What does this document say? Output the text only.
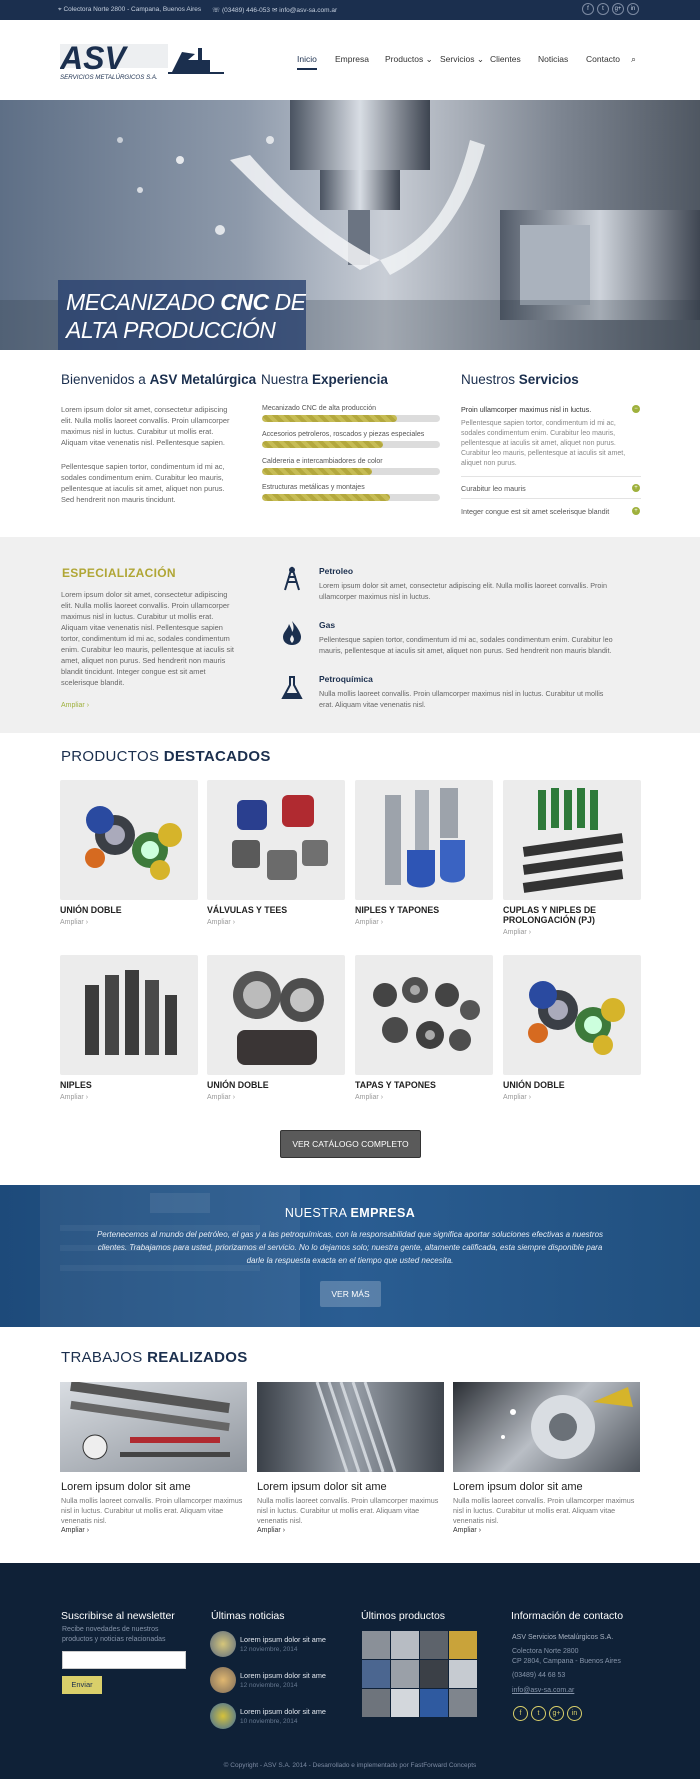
⌖ Colectora Norte 2800 - Campana, Buenos Aires ☏ (03489) 446-053 ✉ info@asv-sa.com.ar	f	t	g+	in
ASV
SERVICIOS METALÚRGICOS S.A.
Inicio Empresa Productos ⌄ Servicios ⌄ Clientes Noticias Contacto ⌕
MECANIZADO CNC DE
ALTA PRODUCCIÓN
Bienvenidos a ASV Metalúrgica

Lorem ipsum dolor sit amet, consectetur adipiscing elit. Nulla mollis laoreet convallis. Proin ullamcorper maximus nisl in luctus. Curabitur ut mollis erat. Aliquam vitae venenatis nisl. Pellentesque sapien.

Pellentesque sapien tortor, condimentum id mi ac, sodales condimentum enim. Curabitur leo mauris, pellentesque at iaculis sit amet, aliquet non purus. Sed hendrerit non mauris tincidunt.

Nuestra Experiencia
Mecanizado CNC de alta producción
Accesorios petroleros, roscados y piezas especiales
Caldereria e intercambiadores de color
Estructuras metálicas y montajes
Nuestros Servicios
Proin ullamcorper maximus nisl in luctus.	−

Pellentesque sapien tortor, condimentum id mi ac, sodales condimentum enim. Curabitur leo mauris, pellentesque at iaculis sit amet, aliquet non purus. Curabitur leo mauris, pellentesque at iaculis sit amet, aliquet non purus.

Curabitur leo mauris	+
Integer congue est sit amet scelerisque blandit	+
ESPECIALIZACIÓN

Lorem ipsum dolor sit amet, consectetur adipiscing elit. Nulla mollis laoreet convallis. Proin ullamcorper maximus nisl in luctus. Curabitur ut mollis erat. Aliquam vitae venenatis nisl. Pellentesque sapien tortor, condimentum id mi ac, sodales condimentum enim. Curabitur leo mauris, pellentesque at iaculis sit amet, aliquet non purus. Sed hendrerit non mauris blandit tincidunt. Integer congue est sit amet scelerisque blandit.

Ampliar ›
Petroleo

Lorem ipsum dolor sit amet, consectetur adipiscing elit. Nulla mollis laoreet convallis. Proin ullamcorper maximus nisl in luctus.

Gas

Pellentesque sapien tortor, condimentum id mi ac, sodales condimentum enim. Curabitur leo mauris, pellentesque at iaculis sit amet, aliquet non purus. Sed hendrerit non mauris blandit.

Petroquímica

Nulla mollis laoreet convallis. Proin ullamcorper maximus nisl in luctus. Curabitur ut mollis erat. Aliquam vitae venenatis nisl.

PRODUCTOS DESTACADOS
UNIÓN DOBLE
Ampliar ›
VÁLVULAS Y TEES
Ampliar ›
NIPLES Y TAPONES
Ampliar ›
CUPLAS Y NIPLES DE PROLONGACIÓN (PJ)
Ampliar ›
NIPLES
Ampliar ›
UNIÓN DOBLE
Ampliar ›
TAPAS Y TAPONES
Ampliar ›
UNIÓN DOBLE
Ampliar ›
VER CATÁLOGO COMPLETO
NUESTRA EMPRESA

Pertenecemos al mundo del petróleo, el gas y a las petroquímicas, con la responsabilidad que significa aportar soluciones efectivas a nuestros clientes. Trabajamos para usted, priorizamos el servicio. No lo dejamos solo; nuestra gente, altamente calificada, esta siempre disponible para darle la respuesta exacta en el tiempo que usted necesita.

VER MÁS
TRABAJOS REALIZADOS
Lorem ipsum dolor sit ame

Nulla mollis laoreet convallis. Proin ullamcorper maximus nisl in luctus. Curabitur ut mollis erat. Aliquam vitae venenatis nisl.

Ampliar ›
Lorem ipsum dolor sit ame

Nulla mollis laoreet convallis. Proin ullamcorper maximus nisl in luctus. Curabitur ut mollis erat. Aliquam vitae venenatis nisl.

Ampliar ›
Lorem ipsum dolor sit ame

Nulla mollis laoreet convallis. Proin ullamcorper maximus nisl in luctus. Curabitur ut mollis erat. Aliquam vitae venenatis nisl.

Ampliar ›
Suscribirse al newsletter

Recibe novedades de nuestros productos y noticias relacionadas

Enviar
Últimas noticias
Lorem ipsum dolor sit ame
12 noviembre, 2014
Lorem ipsum dolor sit ame
12 noviembre, 2014
Lorem ipsum dolor sit ame
10 noviembre, 2014
Últimos productos	Información de contacto
ASV Servicios Metalúrgicos S.A.
Colectora Norte 2800
CP 2804, Campana - Buenos Aires
(03489) 44 68 53
info@asv-sa.com.ar
f	t	g+	in
© Copyright - ASV S.A. 2014 - Desarrollado e implementado por FastForward Concepts
